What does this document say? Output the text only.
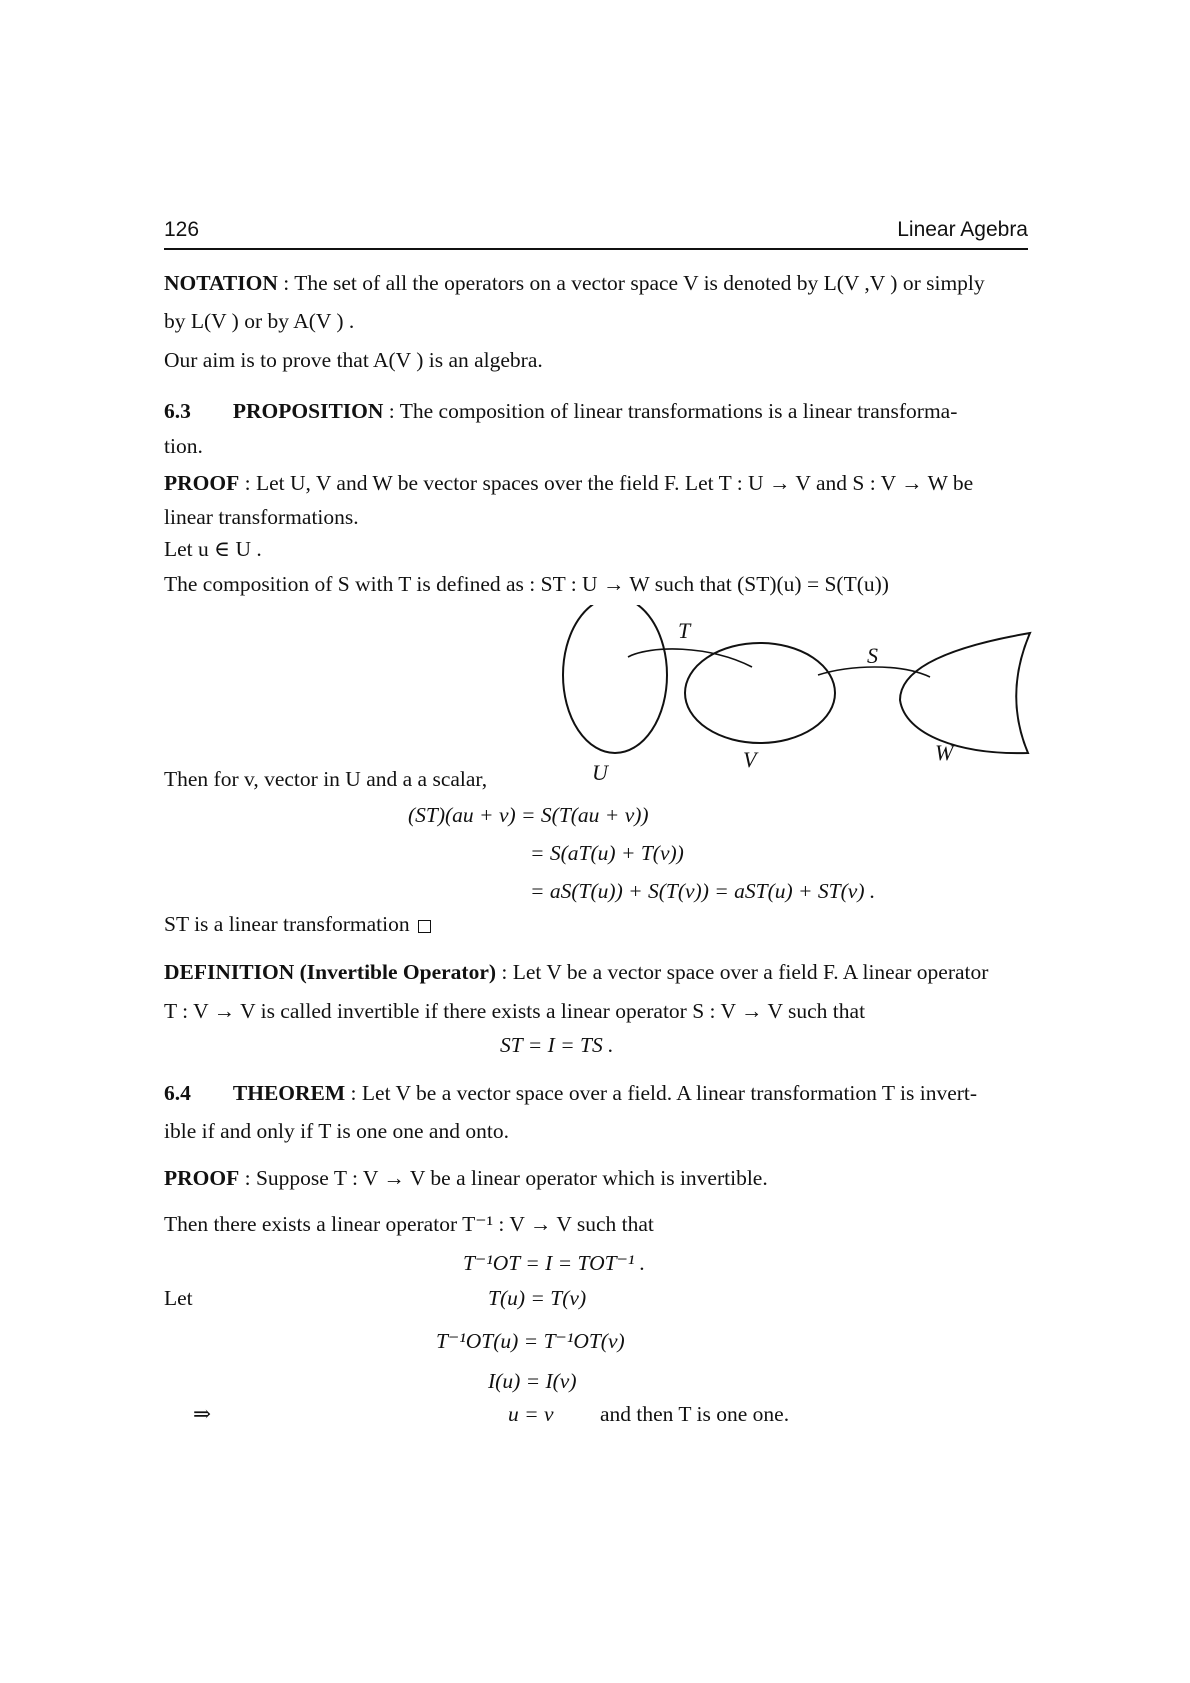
126	Linear Agebra
NOTATION : The set of all the operators on a vector space V is denoted by L(V ,V ) or simply
by L(V ) or by A(V ) .
Our aim is to prove that A(V ) is an algebra.
6.3 PROPOSITION : The composition of linear transformations is a linear transforma-
tion.
PROOF : Let U, V and W be vector spaces over the field F. Let T : U → V and S : V → W be
linear transformations.
Let u ∈ U .
The composition of S with T is defined as : ST : U → W such that (ST)(u) = S(T(u))
T
S
U
V	W
Then for v, vector in U and a a scalar,
(ST)(au + v) = S(T(au + v))
= S(aT(u) + T(v))
= aS(T(u)) + S(T(v)) = aST(u) + ST(v) .
ST is a linear transformation
DEFINITION (Invertible Operator) : Let V be a vector space over a field F. A linear operator
T : V → V is called invertible if there exists a linear operator S : V → V such that
ST = I = TS .
6.4 THEOREM : Let V be a vector space over a field. A linear transformation T is invert-
ible if and only if T is one one and onto.
PROOF : Suppose T : V → V be a linear operator which is invertible.
Then there exists a linear operator T⁻¹ : V → V such that
T⁻¹OT = I = TOT⁻¹ .
Let	T(u) = T(v)
T⁻¹OT(u) = T⁻¹OT(v)
I(u) = I(v)
⇒	u = v and then T is one one.
